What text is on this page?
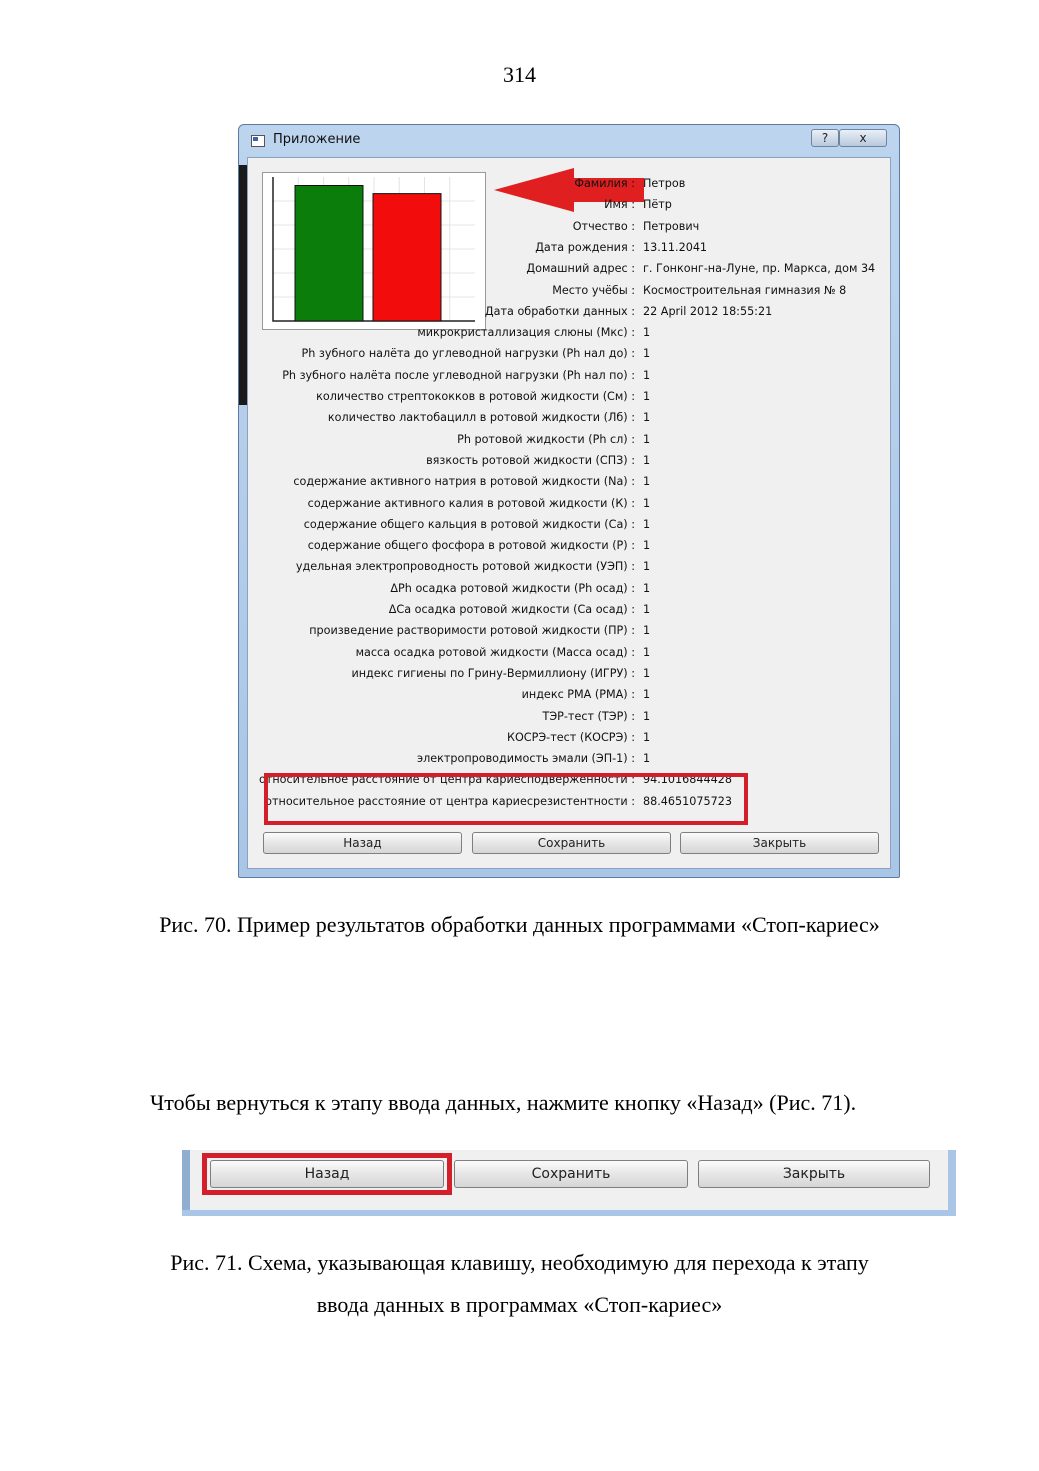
314
Приложение	?	x
Фамилия : Петров
Имя : Пётр
Отчество : Петрович
Дата рождения : 13.11.2041
Домашний адрес : г. Гонконг-на-Луне, пр. Маркса, дом 34
Место учёбы : Космостроительная гимназия № 8
Дата обработки данных : 22 April 2012 18:55:21
микрокристаллизация слюны (Мкс) : 1
Ph зубного налёта до углеводной нагрузки (Ph нал до) : 1
Ph зубного налёта после углеводной нагрузки (Ph нал по) : 1
количество стрептококков в ротовой жидкости (См) : 1
количество лактобацилл в ротовой жидкости (Лб) : 1
Ph ротовой жидкости (Ph сл) : 1
вязкость ротовой жидкости (СПЗ) : 1
содержание активного натрия в ротовой жидкости (Na) : 1
содержание активного калия в ротовой жидкости (К) : 1
содержание общего кальция в ротовой жидкости (Са) : 1
содержание общего фосфора в ротовой жидкости (Р) : 1
удельная электропроводность ротовой жидкости (УЭП) : 1
ΔPh осадка ротовой жидкости (Ph осад) : 1
ΔCa осадка ротовой жидкости (Са осад) : 1
произведение растворимости ротовой жидкости (ПР) : 1
масса осадка ротовой жидкости (Масса осад) : 1
индекс гигиены по Грину-Вермиллиону (ИГРУ) : 1
индекс PMA (PMA) : 1
ТЭР-тест (ТЭР) : 1
КОСРЭ-тест (КОСРЭ) : 1
электропроводимость эмали (ЭП-1) : 1
относительное расстояние от центра кариесподверженности : 94.1016844428
относительное расстояние от центра кариесрезистентности : 88.4651075723
Назад	Сохранить	Закрыть
Рис. 70. Пример результатов обработки данных программами «Стоп-кариес»
Чтобы вернуться к этапу ввода данных, нажмите кнопку «Назад» (Рис. 71).
Назад	Сохранить	Закрыть
Рис. 71. Схема, указывающая клавишу, необходимую для перехода к этапу
ввода данных в программах «Стоп-кариес»
